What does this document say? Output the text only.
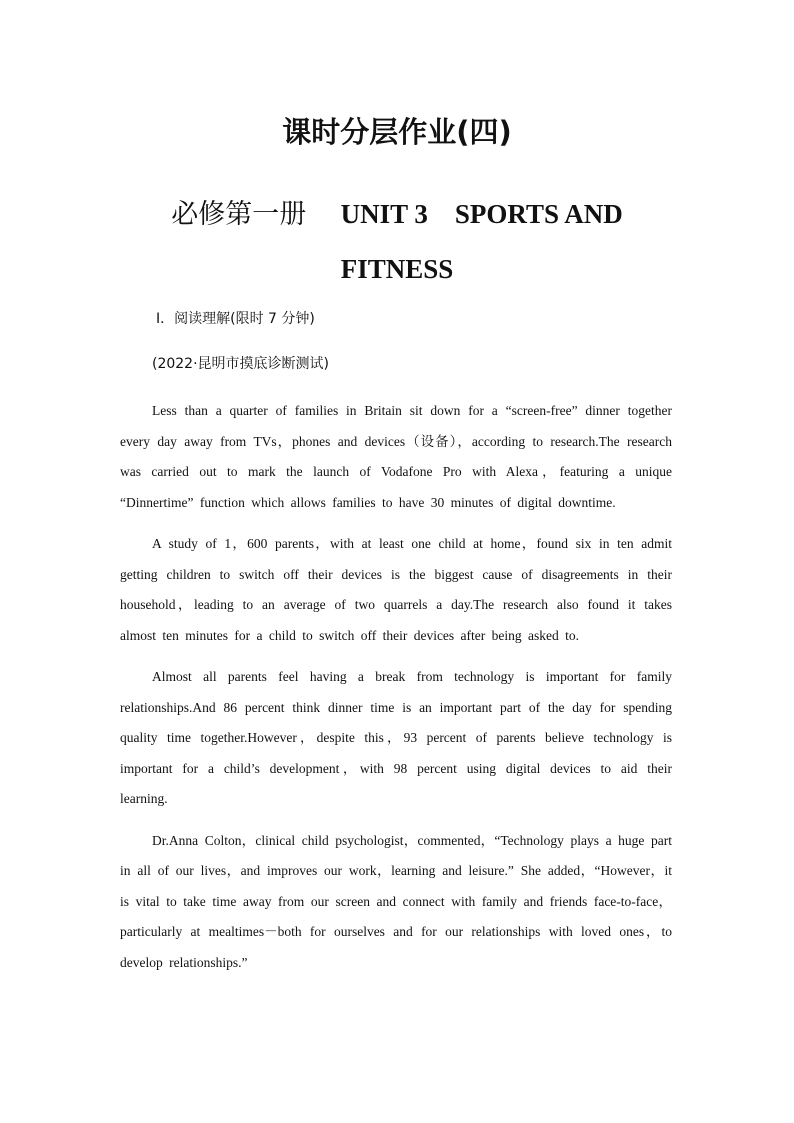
课时分层作业(四)
必修第一册 UNIT 3    SPORTS AND
FITNESS
Ⅰ．阅读理解(限时 7 分钟)
(2022·昆明市摸底诊断测试)

Less than a quarter of families in Britain sit down for a “screen-free” dinner together every day away from TVs，phones and devices（设备），according to research.The research was carried out to mark the launch of Vodafone Pro with Alexa，featuring a unique “Dinnertime” function which allows families to have 30 minutes of digital downtime.

A study of 1，600 parents，with at least one child at home，found six in ten admit getting children to switch off their devices is the biggest cause of disagreements in their household，leading to an average of two quarrels a day.The research also found it takes almost ten minutes for a child to switch off their devices after being asked to.

Almost all parents feel having a break from technology is important for family relationships.And 86 percent think dinner time is an important part of the day for spending quality time together.However，despite this，93 percent of parents believe technology is important for a child’s development，with 98 percent using digital devices to aid their learning.

Dr.Anna Colton，clinical child psychologist，commented，“Technology plays a huge part in all of our lives，and improves our work，learning and leisure.” She added，“However，it is vital to take time away from our screen and connect with family and friends face-to-face，particularly at mealtimes－both for ourselves and for our relationships with loved ones，to develop relationships.”
